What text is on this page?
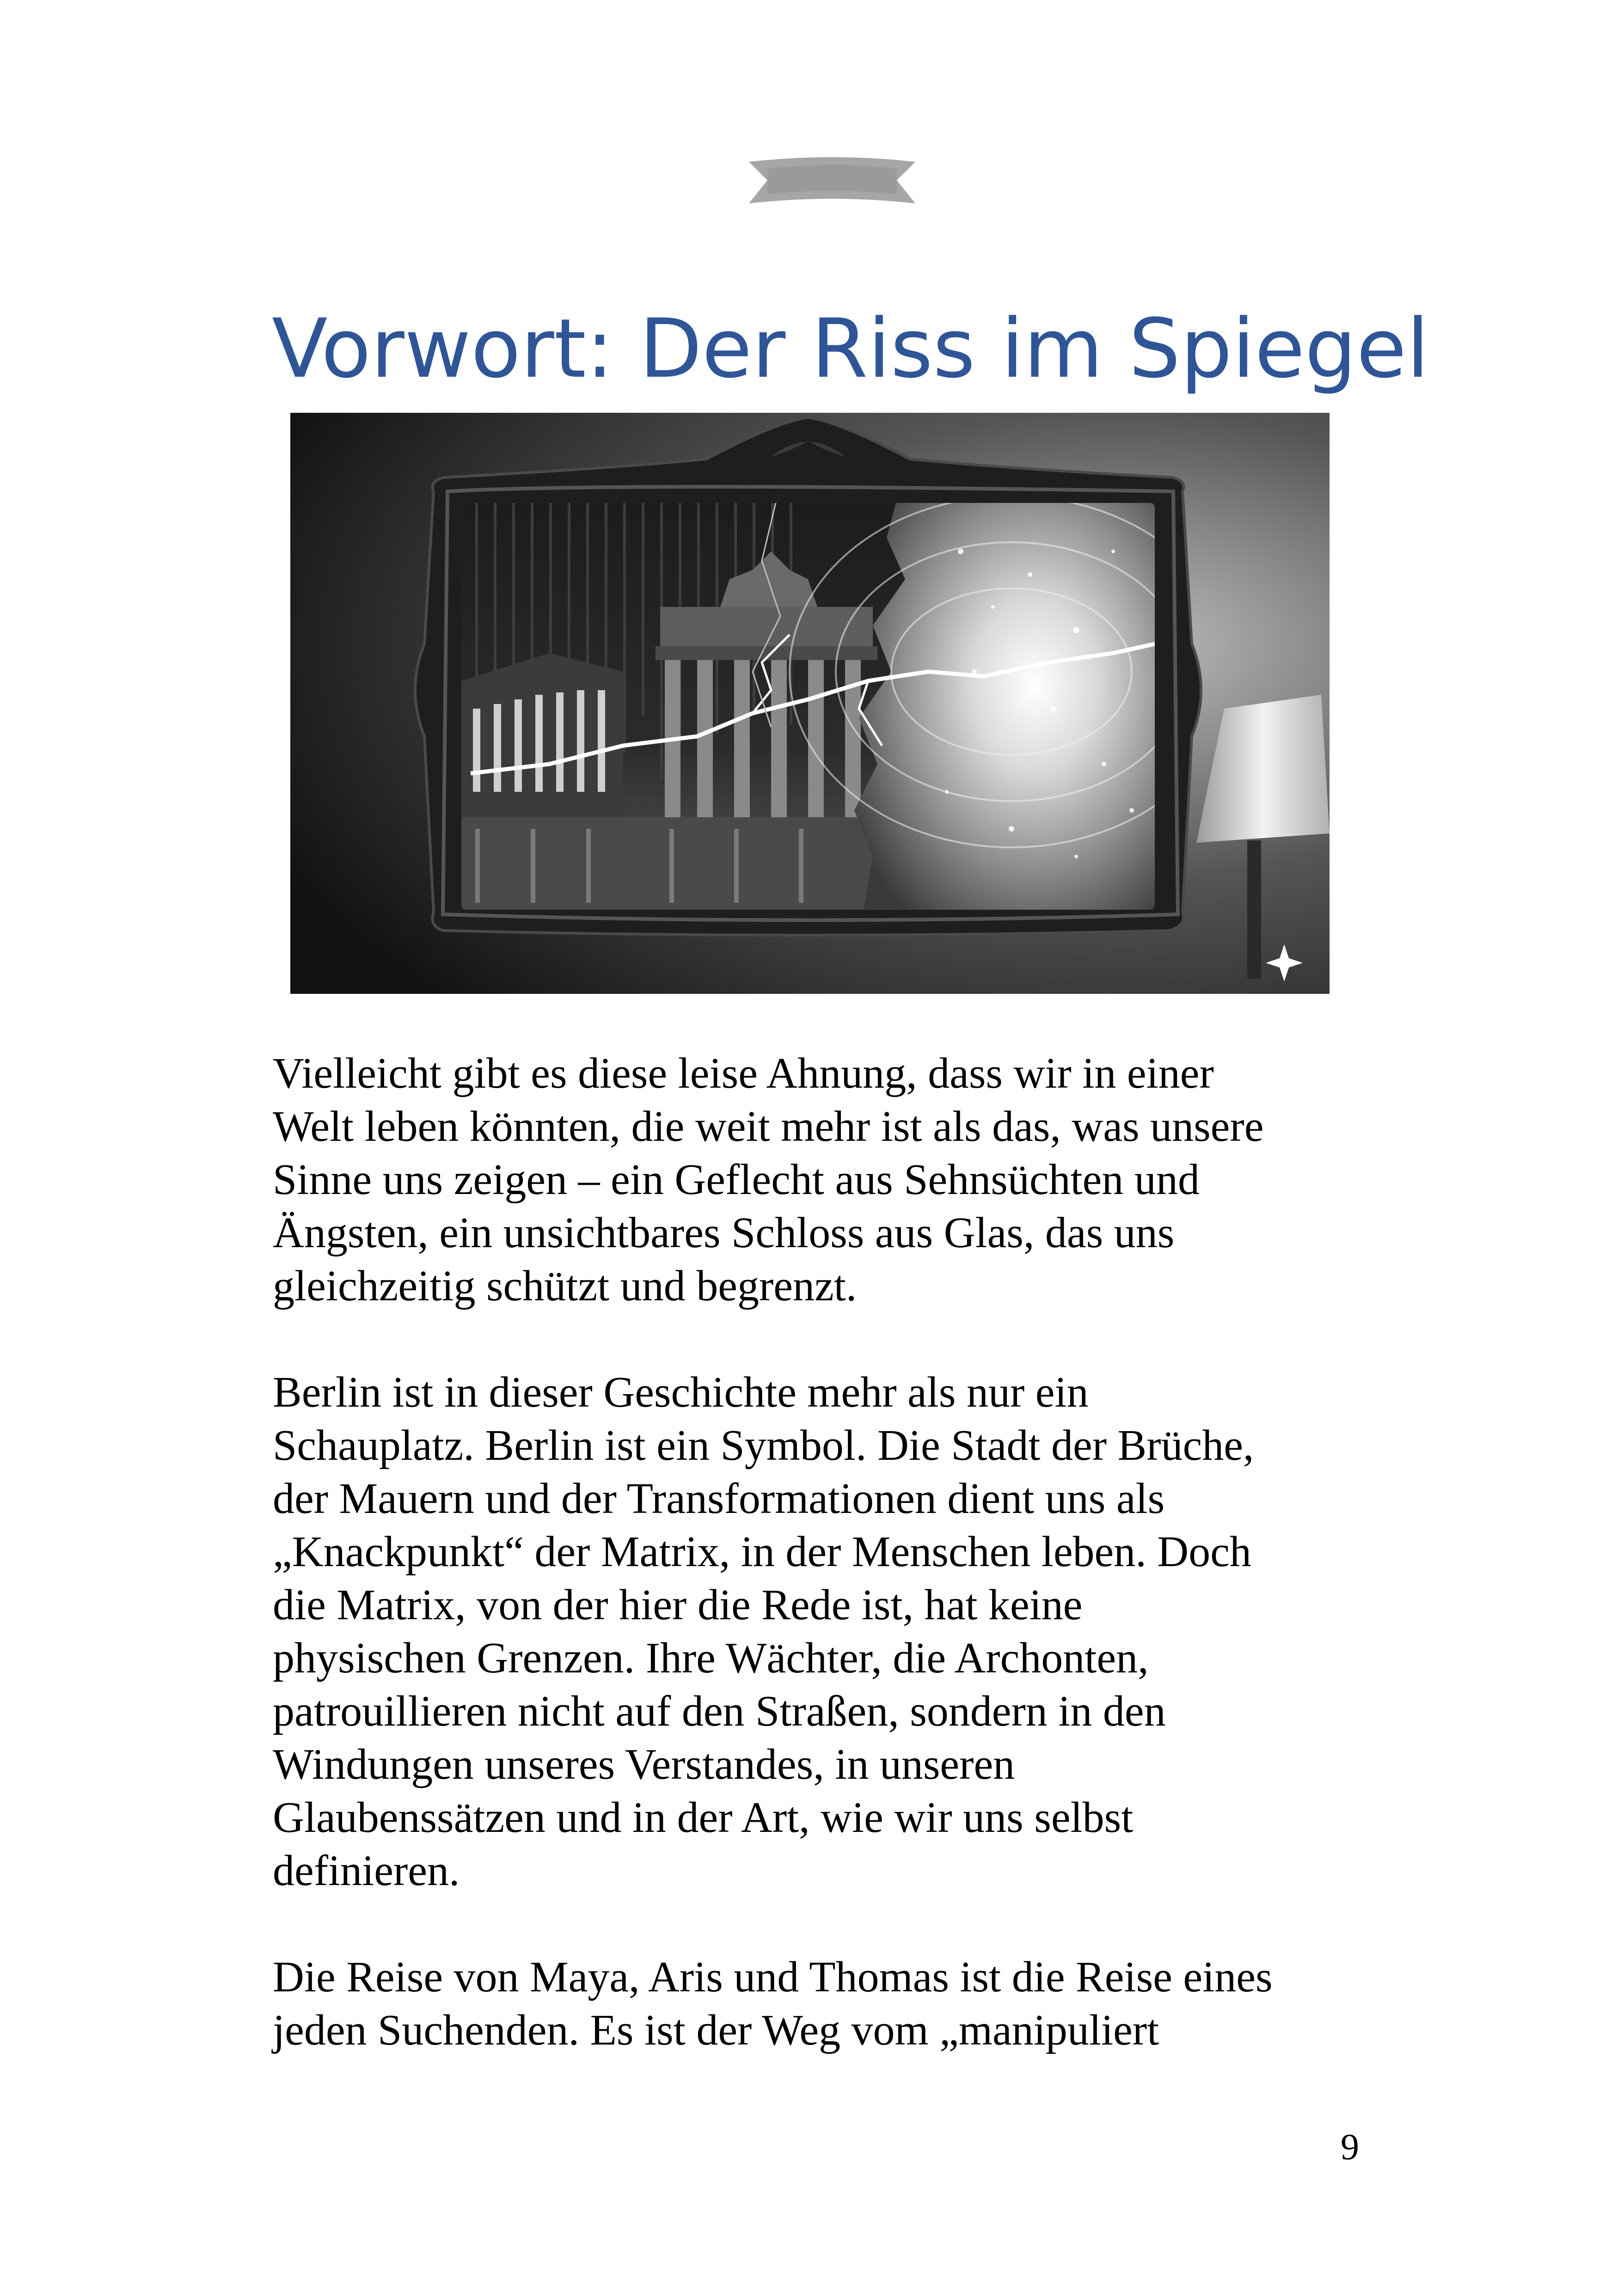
Vorwort: Der Riss im Spiegel

Vielleicht gibt es diese leise Ahnung, dass wir in einer
Welt leben könnten, die weit mehr ist als das, was unsere
Sinne uns zeigen – ein Geflecht aus Sehnsüchten und
Ängsten, ein unsichtbares Schloss aus Glas, das uns
gleichzeitig schützt und begrenzt.

Berlin ist in dieser Geschichte mehr als nur ein
Schauplatz. Berlin ist ein Symbol. Die Stadt der Brüche,
der Mauern und der Transformationen dient uns als
„Knackpunkt“ der Matrix, in der Menschen leben. Doch
die Matrix, von der hier die Rede ist, hat keine
physischen Grenzen. Ihre Wächter, die Archonten,
patrouillieren nicht auf den Straßen, sondern in den
Windungen unseres Verstandes, in unseren
Glaubenssätzen und in der Art, wie wir uns selbst
definieren.

Die Reise von Maya, Aris und Thomas ist die Reise eines
jeden Suchenden. Es ist der Weg vom „manipuliert

9
